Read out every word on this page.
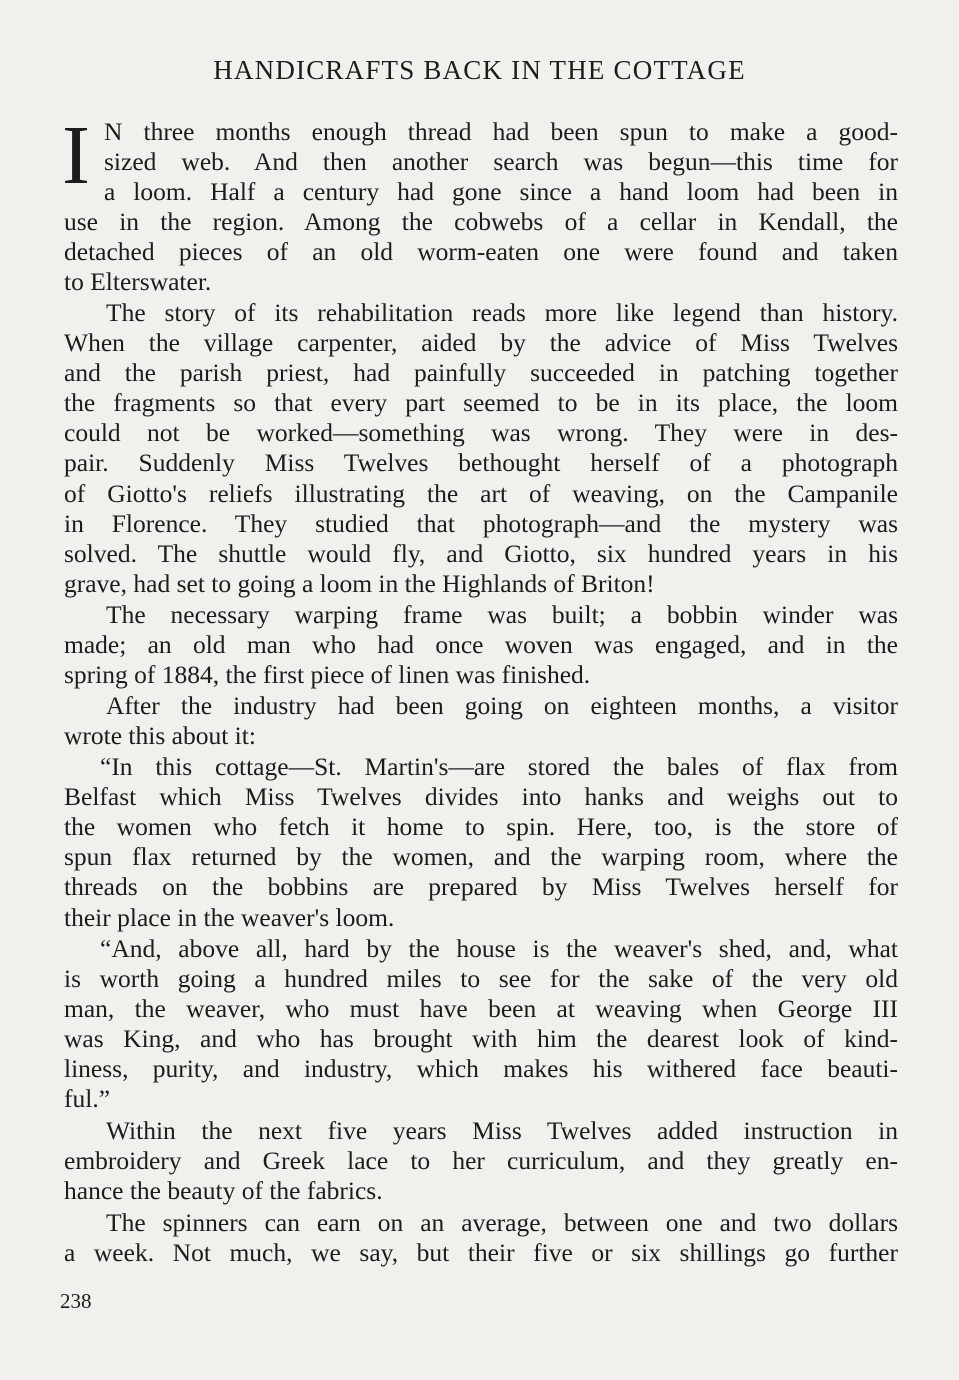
HANDICRAFTS BACK IN THE COTTAGE
I N three months enough thread had been spun to make a good-
sized web. And then another search was begun—this time for
a loom. Half a century had gone since a hand loom had been in
use in the region. Among the cobwebs of a cellar in Kendall, the
detached pieces of an old worm-eaten one were found and taken
to Elterswater.
The story of its rehabilitation reads more like legend than history.
When the village carpenter, aided by the advice of Miss Twelves
and the parish priest, had painfully succeeded in patching together
the fragments so that every part seemed to be in its place, the loom
could not be worked—something was wrong. They were in des-
pair. Suddenly Miss Twelves bethought herself of a photograph
of Giotto's reliefs illustrating the art of weaving, on the Campanile
in Florence. They studied that photograph—and the mystery was
solved. The shuttle would fly, and Giotto, six hundred years in his
grave, had set to going a loom in the Highlands of Briton!
The necessary warping frame was built; a bobbin winder was
made; an old man who had once woven was engaged, and in the
spring of 1884, the first piece of linen was finished.
After the industry had been going on eighteen months, a visitor
wrote this about it:
“In this cottage—St. Martin's—are stored the bales of flax from
Belfast which Miss Twelves divides into hanks and weighs out to
the women who fetch it home to spin. Here, too, is the store of
spun flax returned by the women, and the warping room, where the
threads on the bobbins are prepared by Miss Twelves herself for
their place in the weaver's loom.
“And, above all, hard by the house is the weaver's shed, and, what
is worth going a hundred miles to see for the sake of the very old
man, the weaver, who must have been at weaving when George III
was King, and who has brought with him the dearest look of kind-
liness, purity, and industry, which makes his withered face beauti-
ful.”
Within the next five years Miss Twelves added instruction in
embroidery and Greek lace to her curriculum, and they greatly en-
hance the beauty of the fabrics.
The spinners can earn on an average, between one and two dollars
a week. Not much, we say, but their five or six shillings go further
238
